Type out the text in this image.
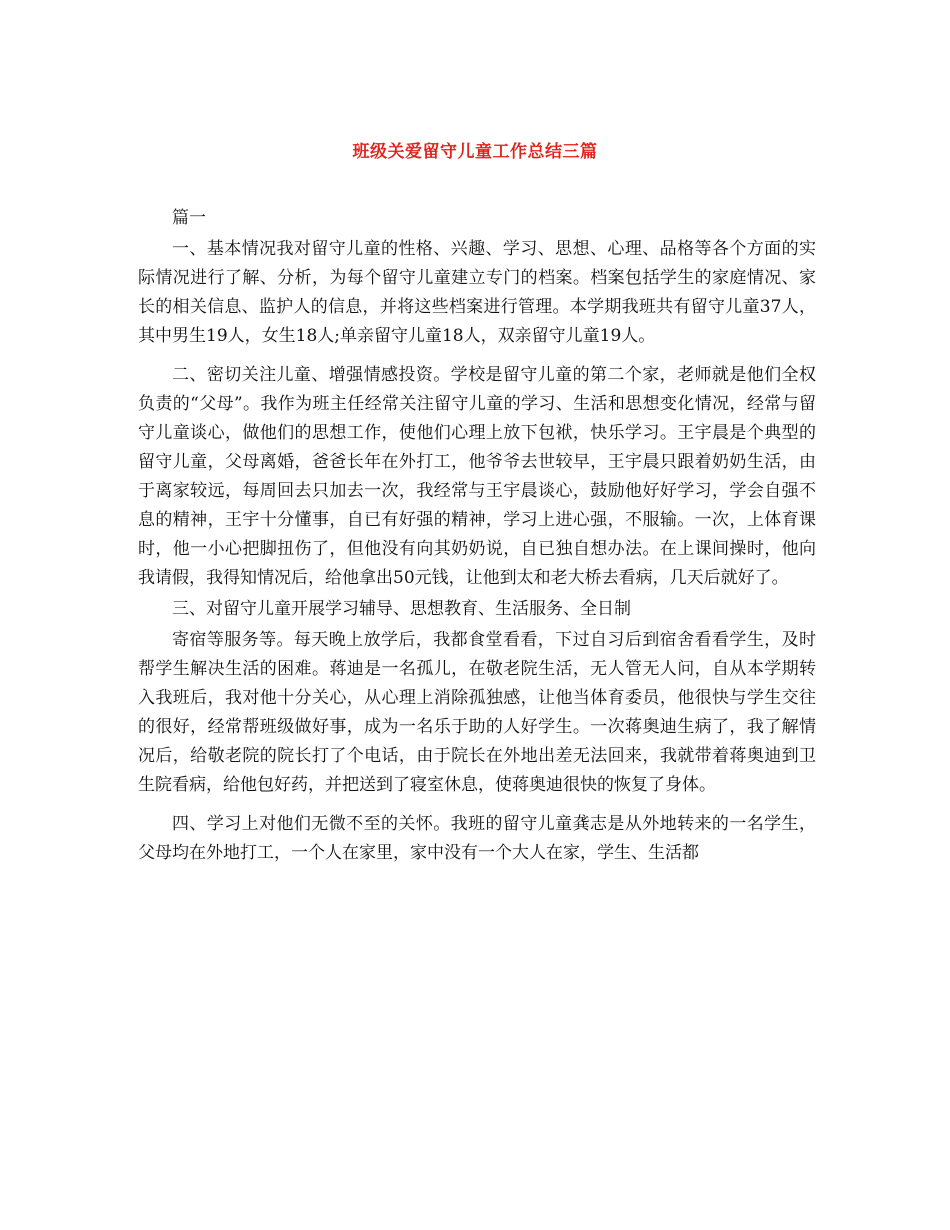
班级关爱留守儿童工作总结三篇

篇一

一、基本情况我对留守儿童的性格、兴趣、学习、思想、心理、品格等各个方面的实际情况进行了解、分析，为每个留守儿童建立专门的档案。档案包括学生的家庭情况、家长的相关信息、监护人的信息，并将这些档案进行管理。本学期我班共有留守儿童37人，其中男生19人，女生18人;单亲留守儿童18人，双亲留守儿童19人。

二、密切关注儿童、增强情感投资。学校是留守儿童的第二个家，老师就是他们全权负责的“父母”。我作为班主任经常关注留守儿童的学习、生活和思想变化情况，经常与留守儿童谈心，做他们的思想工作，使他们心理上放下包袱，快乐学习。王宇晨是个典型的留守儿童，父母离婚，爸爸长年在外打工，他爷爷去世较早，王宇晨只跟着奶奶生活，由于离家较远，每周回去只加去一次，我经常与王宇晨谈心，鼓励他好好学习，学会自强不息的精神，王宇十分懂事，自已有好强的精神，学习上进心强，不服输。一次，上体育课时，他一小心把脚扭伤了，但他没有向其奶奶说，自已独自想办法。在上课间操时，他向我请假，我得知情况后，给他拿出50元钱，让他到太和老大桥去看病，几天后就好了。

三、对留守儿童开展学习辅导、思想教育、生活服务、全日制

寄宿等服务等。每天晚上放学后，我都食堂看看，下过自习后到宿舍看看学生，及时帮学生解决生活的困难。蒋迪是一名孤儿，在敬老院生活，无人管无人问，自从本学期转入我班后，我对他十分关心，从心理上消除孤独感，让他当体育委员，他很快与学生交往的很好，经常帮班级做好事，成为一名乐于助的人好学生。一次蒋奥迪生病了，我了解情况后，给敬老院的院长打了个电话，由于院长在外地出差无法回来，我就带着蒋奥迪到卫生院看病，给他包好药，并把送到了寝室休息，使蒋奥迪很快的恢复了身体。

四、学习上对他们无微不至的关怀。我班的留守儿童龚志是从外地转来的一名学生，父母均在外地打工，一个人在家里，家中没有一个大人在家，学生、生活都
